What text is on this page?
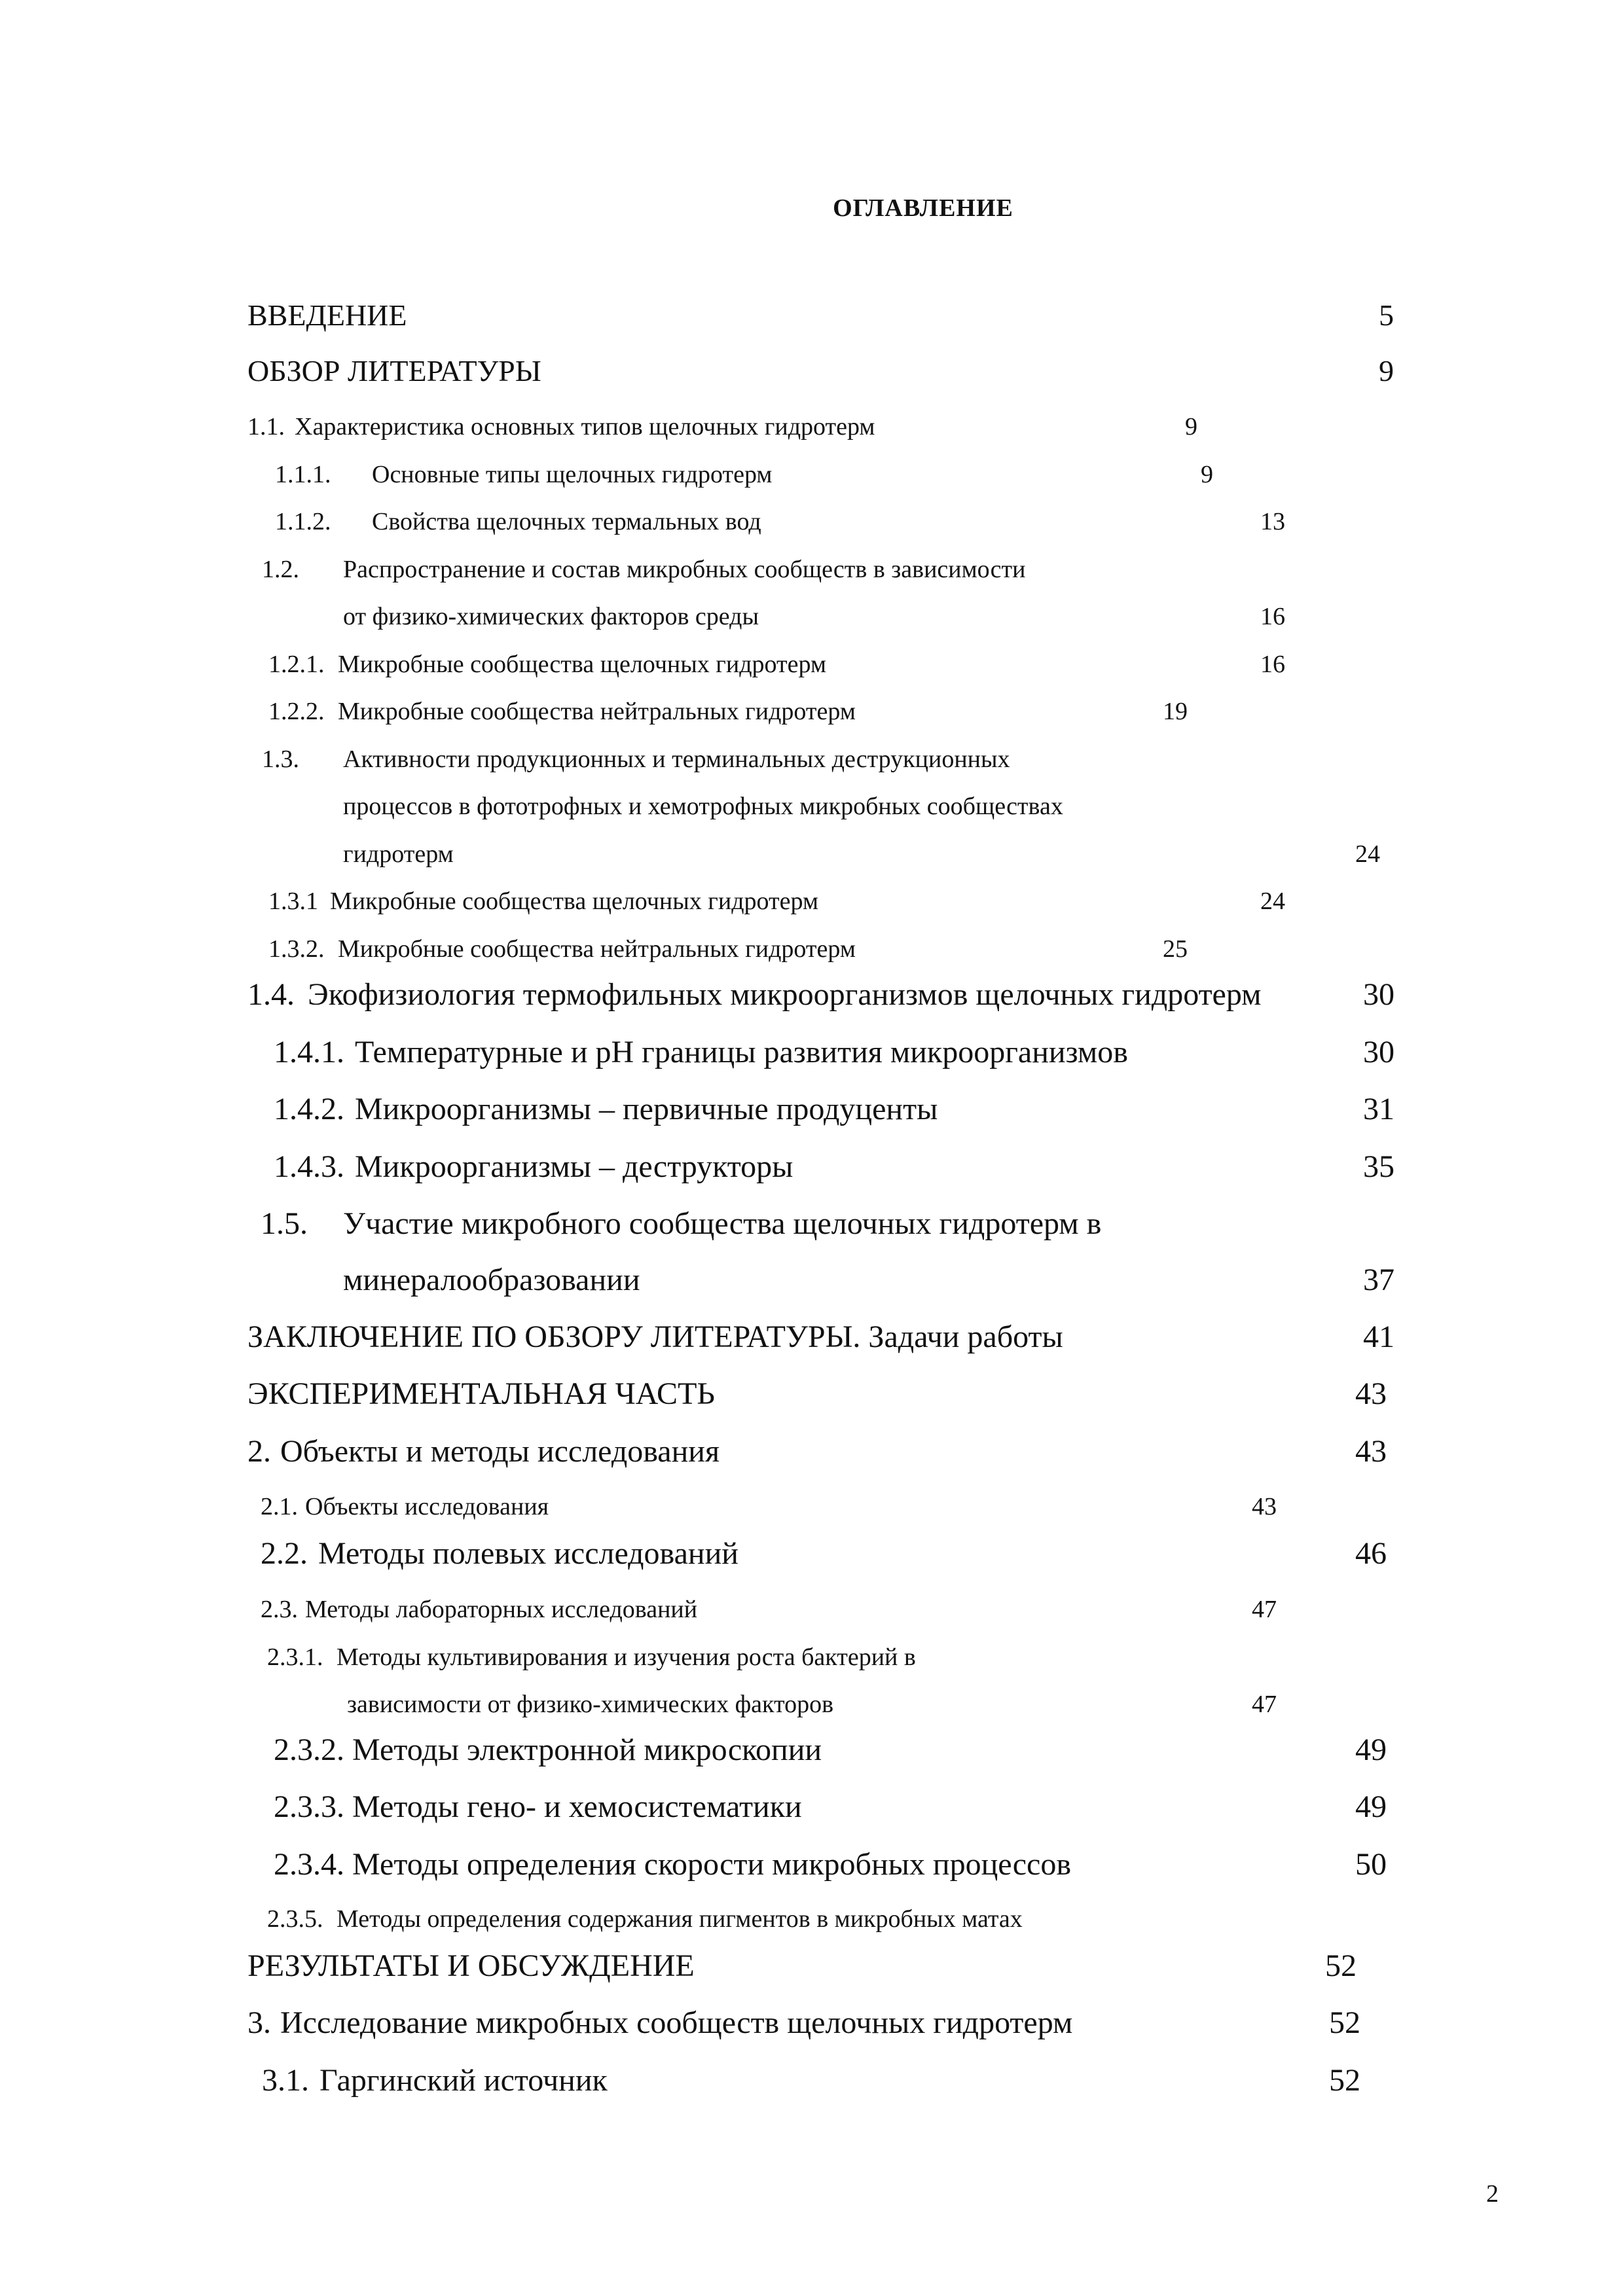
ОГЛАВЛЕНИЕ
ВВЕДЕНИЕ	5
ОБЗОР ЛИТЕРАТУРЫ	9
1.1. Характеристика основных типов щелочных гидротерм	9
1.1.1. Основные типы щелочных гидротерм	9
1.1.2. Свойства щелочных термальных вод	13
1.2. Распространение и состав микробных сообществ в зависимости
от физико-химических факторов среды	16
1.2.1. Микробные сообщества щелочных гидротерм	16
1.2.2. Микробные сообщества нейтральных гидротерм	19
1.3. Активности продукционных и терминальных деструкционных
процессов в фототрофных и хемотрофных микробных сообществах
гидротерм	24
1.3.1 Микробные сообщества щелочных гидротерм	24
1.3.2. Микробные сообщества нейтральных гидротерм	25
1.4. Экофизиология термофильных микроорганизмов щелочных гидротерм	30
1.4.1. Температурные и pH границы развития микроорганизмов	30
1.4.2. Микроорганизмы – первичные продуценты	31
1.4.3. Микроорганизмы – деструкторы	35
1.5. Участие микробного сообщества щелочных гидротерм в
минералообразовании	37
ЗАКЛЮЧЕНИЕ ПО ОБЗОРУ ЛИТЕРАТУРЫ. Задачи работы	41
ЭКСПЕРИМЕНТАЛЬНАЯ ЧАСТЬ	43
2. Объекты и методы исследования	43
2.1. Объекты исследования	43
2.2. Методы полевых исследований	46
2.3. Методы лабораторных исследований	47
2.3.1. Методы культивирования и изучения роста бактерий в
зависимости от физико-химических факторов	47
2.3.2. Методы электронной микроскопии	49
2.3.3. Методы гено- и хемосистематики	49
2.3.4. Методы определения скорости микробных процессов	50
2.3.5. Методы определения содержания пигментов в микробных матах
РЕЗУЛЬТАТЫ И ОБСУЖДЕНИЕ	52
3. Исследование микробных сообществ щелочных гидротерм	52
3.1. Гаргинский источник	52
2
